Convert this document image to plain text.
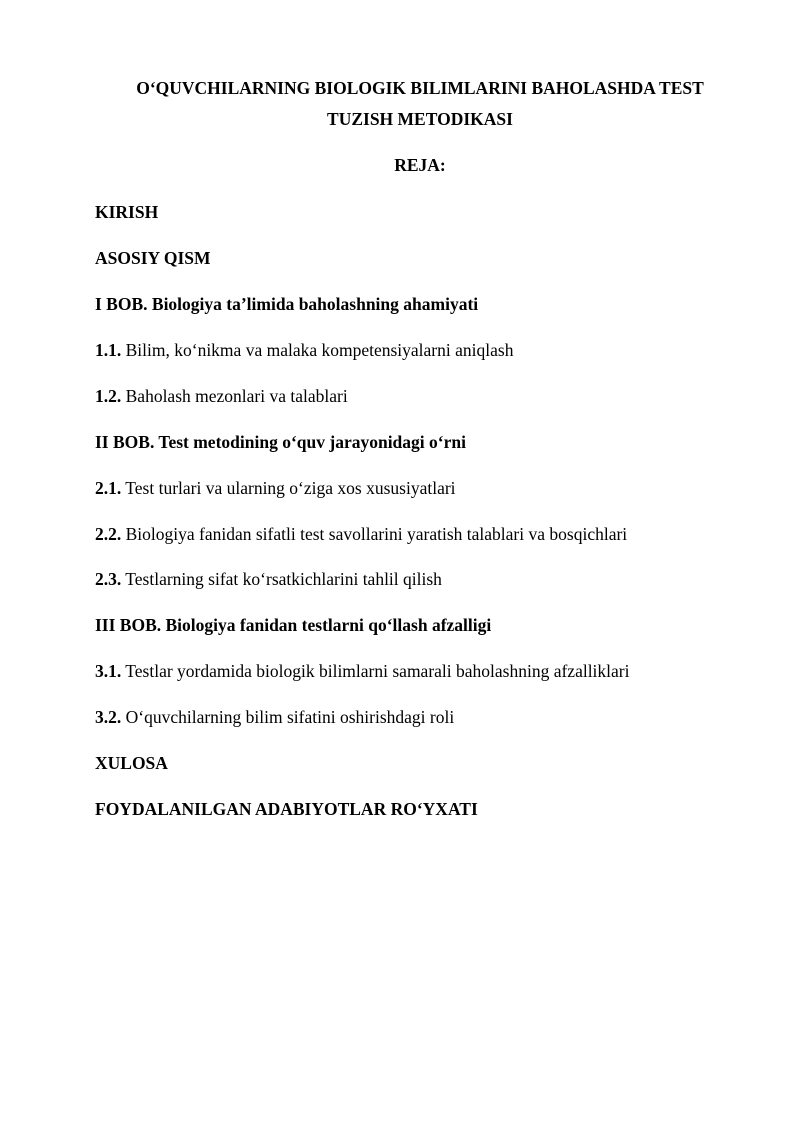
O‘QUVCHILARNING BIOLOGIK BILIMLARINI BAHOLASHDA TEST
TUZISH METODIKASI
REJA:
KIRISH
ASOSIY QISM
I BOB. Biologiya ta’limida baholashning ahamiyati
1.1. Bilim, ko‘nikma va malaka kompetensiyalarni aniqlash
1.2. Baholash mezonlari va talablari
II BOB. Test metodining o‘quv jarayonidagi o‘rni
2.1. Test turlari va ularning o‘ziga xos xususiyatlari
2.2. Biologiya fanidan sifatli test savollarini yaratish talablari va bosqichlari
2.3. Testlarning sifat ko‘rsatkichlarini tahlil qilish
III BOB. Biologiya fanidan testlarni qo‘llash afzalligi
3.1. Testlar yordamida biologik bilimlarni samarali baholashning afzalliklari
3.2. O‘quvchilarning bilim sifatini oshirishdagi roli
XULOSA
FOYDALANILGAN ADABIYOTLAR RO‘YXATI
